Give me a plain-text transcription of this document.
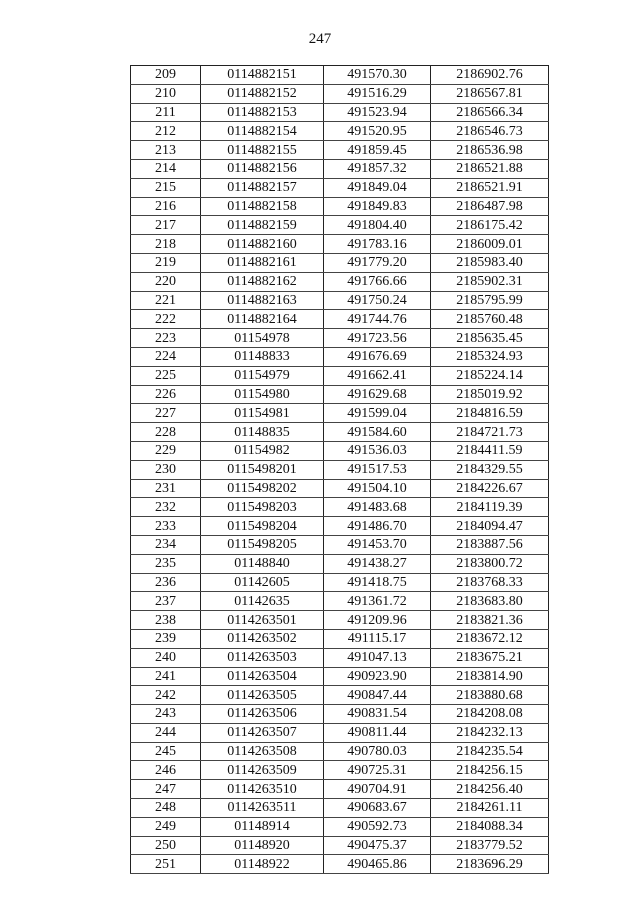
247
209	0114882151	491570.30	2186902.76
210	0114882152	491516.29	2186567.81
211	0114882153	491523.94	2186566.34
212	0114882154	491520.95	2186546.73
213	0114882155	491859.45	2186536.98
214	0114882156	491857.32	2186521.88
215	0114882157	491849.04	2186521.91
216	0114882158	491849.83	2186487.98
217	0114882159	491804.40	2186175.42
218	0114882160	491783.16	2186009.01
219	0114882161	491779.20	2185983.40
220	0114882162	491766.66	2185902.31
221	0114882163	491750.24	2185795.99
222	0114882164	491744.76	2185760.48
223	01154978	491723.56	2185635.45
224	01148833	491676.69	2185324.93
225	01154979	491662.41	2185224.14
226	01154980	491629.68	2185019.92
227	01154981	491599.04	2184816.59
228	01148835	491584.60	2184721.73
229	01154982	491536.03	2184411.59
230	0115498201	491517.53	2184329.55
231	0115498202	491504.10	2184226.67
232	0115498203	491483.68	2184119.39
233	0115498204	491486.70	2184094.47
234	0115498205	491453.70	2183887.56
235	01148840	491438.27	2183800.72
236	01142605	491418.75	2183768.33
237	01142635	491361.72	2183683.80
238	0114263501	491209.96	2183821.36
239	0114263502	491115.17	2183672.12
240	0114263503	491047.13	2183675.21
241	0114263504	490923.90	2183814.90
242	0114263505	490847.44	2183880.68
243	0114263506	490831.54	2184208.08
244	0114263507	490811.44	2184232.13
245	0114263508	490780.03	2184235.54
246	0114263509	490725.31	2184256.15
247	0114263510	490704.91	2184256.40
248	0114263511	490683.67	2184261.11
249	01148914	490592.73	2184088.34
250	01148920	490475.37	2183779.52
251	01148922	490465.86	2183696.29
